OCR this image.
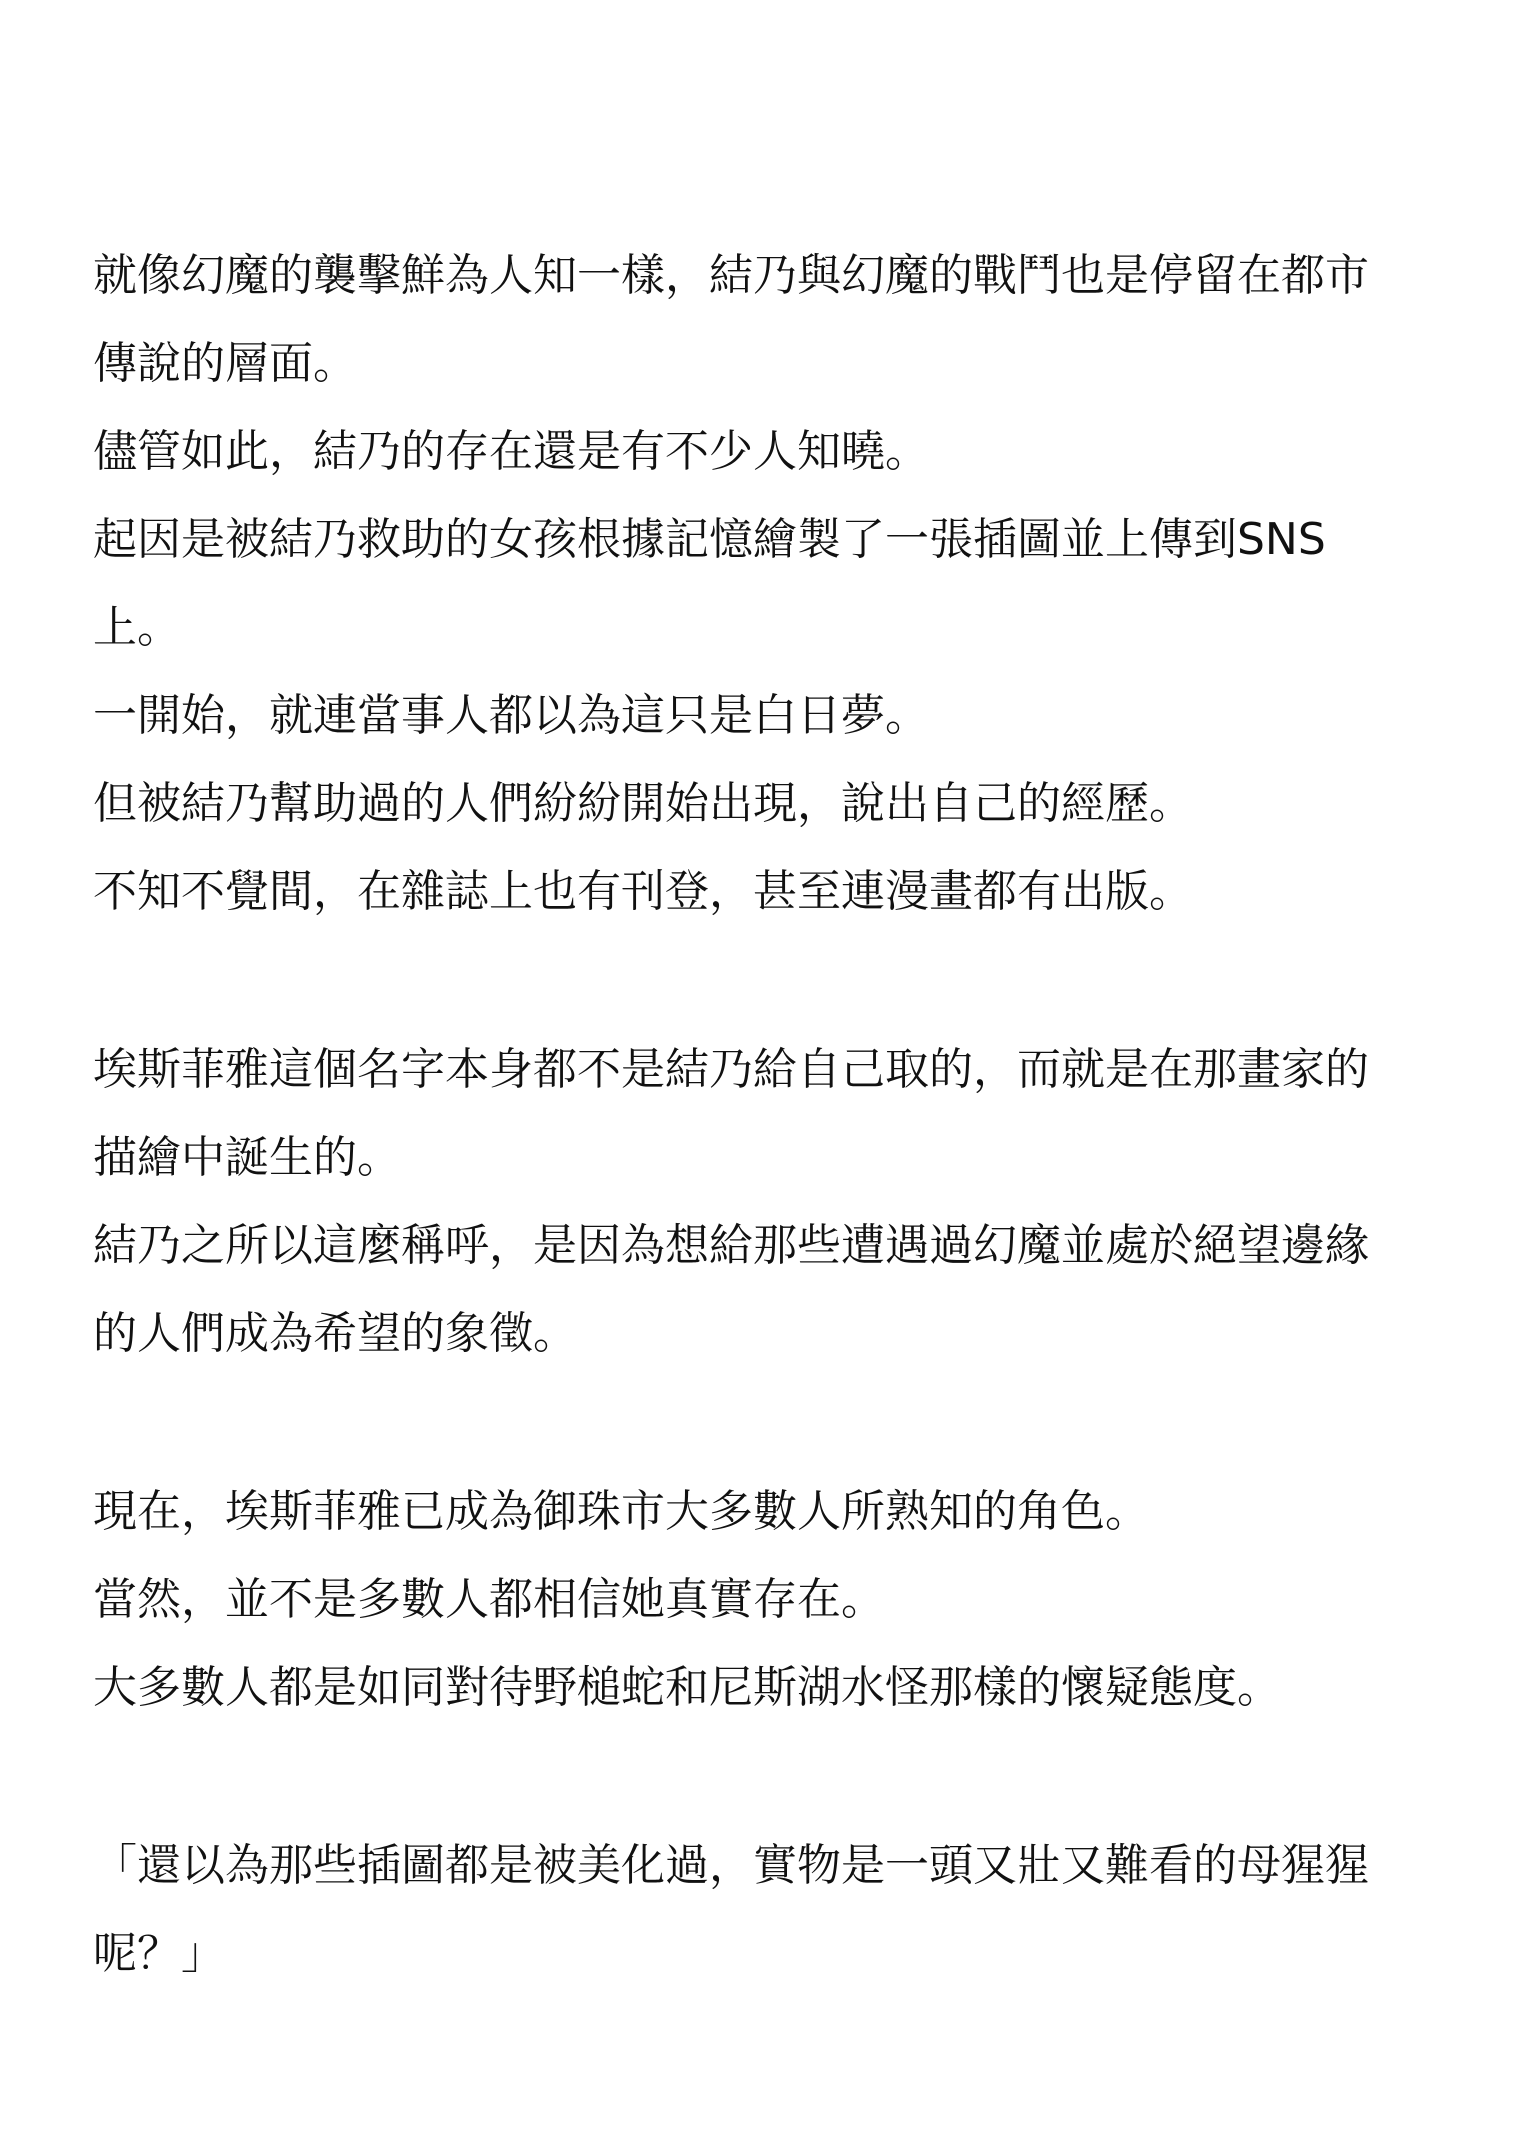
就像幻魔的襲擊鮮為人知一樣，結乃與幻魔的戰鬥也是停留在都市
傳說的層面。
儘管如此，結乃的存在還是有不少人知曉。
起因是被結乃救助的女孩根據記憶繪製了一張插圖並上傳到SNS
上。
一開始，就連當事人都以為這只是白日夢。
但被結乃幫助過的人們紛紛開始出現，說出自己的經歷。
不知不覺間，在雜誌上也有刊登，甚至連漫畫都有出版。
埃斯菲雅這個名字本身都不是結乃給自己取的，而就是在那畫家的
描繪中誕生的。
結乃之所以這麼稱呼，是因為想給那些遭遇過幻魔並處於絕望邊緣
的人們成為希望的象徵。
現在，埃斯菲雅已成為御珠市大多數人所熟知的角色。
當然，並不是多數人都相信她真實存在。
大多數人都是如同對待野槌蛇和尼斯湖水怪那樣的懷疑態度。
「還以為那些插圖都是被美化過，實物是一頭又壯又難看的母猩猩
呢？」
